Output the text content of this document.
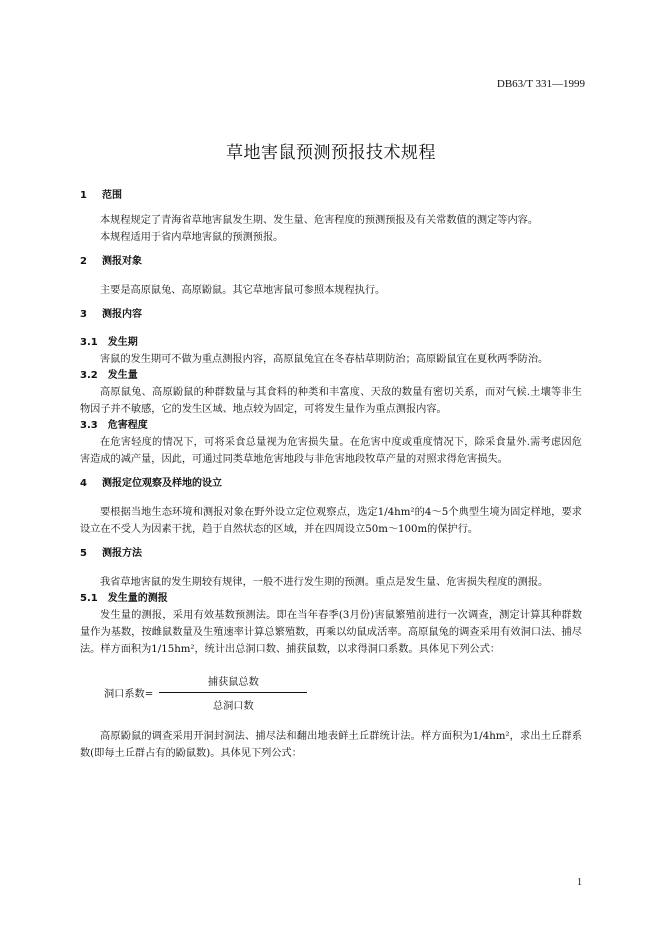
DB63/T 331—1999
草地害鼠预测预报技术规程
1 范围

本规程规定了青海省草地害鼠发生期、发生量、危害程度的预测预报及有关常数值的测定等内容。

本规程适用于省内草地害鼠的预测预报。

2 测报对象

主要是高原鼠兔、高原鼢鼠。其它草地害鼠可参照本规程执行。

3 测报内容
3.1 发生期

害鼠的发生期可不做为重点测报内容，高原鼠兔宜在冬春枯草期防治；高原鼢鼠宜在夏秋两季防治。

3.2 发生量

高原鼠兔、高原鼢鼠的种群数量与其食料的种类和丰富度、天敌的数量有密切关系，而对气候.土壤等非生物因子并不敏感，它的发生区域、地点较为固定，可将发生量作为重点测报内容。

3.3 危害程度

在危害轻度的情况下，可将采食总量视为危害损失量。在危害中度或重度情况下，除采食量外.需考虑因危害造成的减产量，因此，可通过同类草地危害地段与非危害地段牧草产量的对照求得危害损失。

4 测报定位观察及样地的设立

要根据当地生态环境和测报对象在野外设立定位观察点，选定1/4hm²的4～5个典型生境为固定样地，要求设立在不受人为因素干扰，趋于自然状态的区域，并在四周设立50m～100m的保护行。

5 测报方法

我省草地害鼠的发生期较有规律，一般不进行发生期的预测。重点是发生量、危害损失程度的测报。

5.1 发生量的测报

发生量的测报，采用有效基数预测法。即在当年春季(3月份)害鼠繁殖前进行一次调查，测定计算其种群数量作为基数，按雌鼠数量及生殖速率计算总繁殖数，再乘以幼鼠成活率。高原鼠兔的调查采用有效洞口法、捕尽法。样方面积为1/15hm²，统计出总洞口数、捕获鼠数，以求得洞口系数。具体见下列公式：

洞口系数= $\frac{\text{捕获鼠总数}}{\text{总洞口数}}$

高原鼢鼠的调查采用开洞封洞法、捕尽法和翻出地表鲜土丘群统计法。样方面积为1/4hm²，求出土丘群系数(即每土丘群占有的鼢鼠数)。具体见下列公式：

1
